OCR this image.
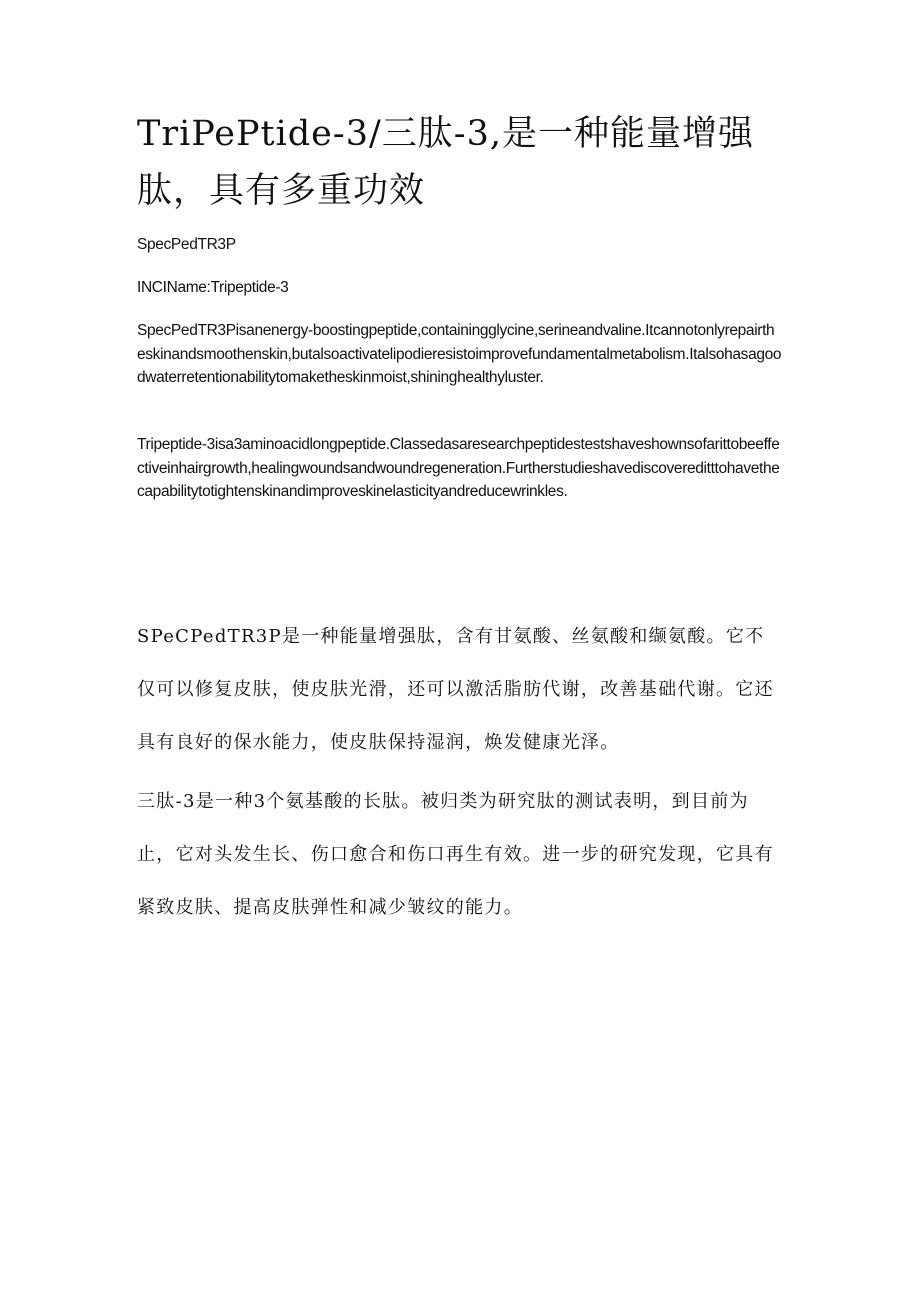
TriPePtide-3/三肽-3,是一种能量增强肽，具有多重功效

SpecPedTR3P

INCIName:Tripeptide-3

SpecPedTR3Pisanenergy-boostingpeptide,containingglycine,serineandvaline.Itcannotonlyrepairtheskinandsmoothenskin,butalsoactivatelipodieresistoimprovefundamentalmetabolism.Italsohasagoodwaterretentionabilitytomaketheskinmoist,shininghealthyluster.

Tripeptide-3isa3aminoacidlongpeptide.Classedasaresearchpeptidestestshaveshownsofarittobeeffectiveinhairgrowth,healingwoundsandwoundregeneration.Furtherstudieshavediscovereditttohavethecapabilitytotightenskinandimproveskinelasticityandreducewrinkles.

SPeCPedTR3P是一种能量增强肽，含有甘氨酸、丝氨酸和缬氨酸。它不仅可以修复皮肤，使皮肤光滑，还可以激活脂肪代谢，改善基础代谢。它还具有良好的保水能力，使皮肤保持湿润，焕发健康光泽。

三肽-3是一种3个氨基酸的长肽。被归类为研究肽的测试表明，到目前为止，它对头发生长、伤口愈合和伤口再生有效。进一步的研究发现，它具有紧致皮肤、提高皮肤弹性和减少皱纹的能力。
